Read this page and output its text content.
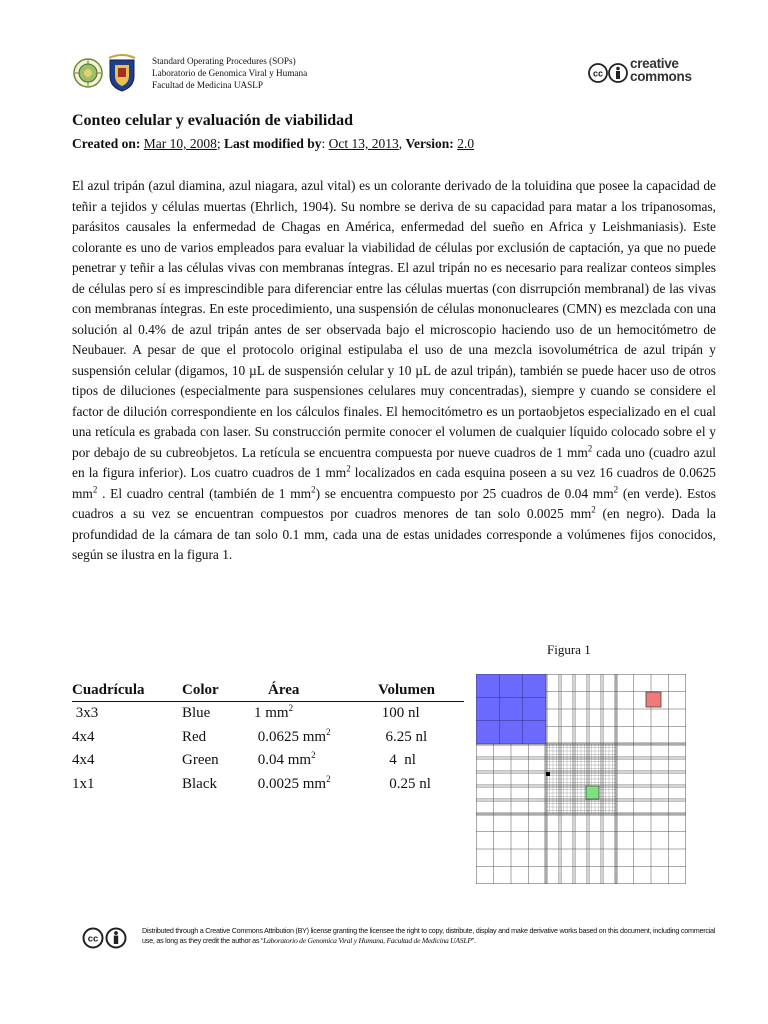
Standard Operating Procedures (SOPs)
Laboratorio de Genomica Viral y Humana
Facultad de Medicina UASLP
cc
creative
commons
Conteo celular y evaluación de viabilidad
Created on: Mar 10, 2008; Last modified by: Oct 13, 2013, Version: 2.0

El azul tripán (azul diamina, azul niagara, azul vital) es un colorante derivado de la toluidina que posee la capacidad de teñir a tejidos y células muertas (Ehrlich, 1904). Su nombre se deriva de su capacidad para matar a los tripanosomas, parásitos causales la enfermedad de Chagas en América, enfermedad del sueño en Africa y Leishmaniasis). Este colorante es uno de varios empleados para evaluar la viabilidad de células por exclusión de captación, ya que no puede penetrar y teñir a las células vivas con membranas íntegras. El azul tripán no es necesario para realizar conteos simples de células pero sí es imprescindible para diferenciar entre las células muertas (con disrrupción membranal) de las vivas con membranas íntegras. En este procedimiento, una suspensión de células mononucleares (CMN) es mezclada con una solución al 0.4% de azul tripán antes de ser observada bajo el microscopio haciendo uso de un hemocitómetro de Neubauer. A pesar de que el protocolo original estipulaba el uso de una mezcla isovolumétrica de azul tripán y suspensión celular (digamos, 10 µL de suspensión celular y 10 µL de azul tripán), también se puede hacer uso de otros tipos de diluciones (especialmente para suspensiones celulares muy concentradas), siempre y cuando se considere el factor de dilución correspondiente en los cálculos finales. El hemocitómetro es un portaobjetos especializado en el cual una retícula es grabada con laser. Su construcción permite conocer el volumen de cualquier líquido colocado sobre el y por debajo de su cubreobjetos. La retícula se encuentra compuesta por nueve cuadros de 1 $mm^2$ cada uno (cuadro azul en la figura inferior). Los cuatro cuadros de 1 $mm^2$ localizados en cada esquina poseen a su vez 16 cuadros de 0.0625 $mm^2$ . El cuadro central (también de 1 $mm^2$) se encuentra compuesto por 25 cuadros de 0.04 $mm^2$ (en verde). Estos cuadros a su vez se encuentran compuestos por cuadros menores de tan solo 0.0025 $mm^2$ (en negro). Dada la profundidad de la cámara de tan solo 0.1 mm, cada una de estas unidades corresponde a volúmenes fijos conocidos, según se ilustra en la figura 1.

Figura 1
Cuadrícula	Color	Área	Volumen
3x3	Blue	1 $mm^2$	100 nl
4x4	Red	0.0625 $mm^2$	6.25 nl
4x4	Green	0.04 $mm^2$	4  nl
1x1	Black	0.0025 $mm^2$	0.25 nl
cc
Distributed through a Creative Commons Attribution (BY) license granting the licensee the right to copy, distribute, display and make derivative works based on this document, including commercial use, as long as they credit the author as “Laboratorio de Genomica Viral y Humana, Facultad de Medicina UASLP”.
